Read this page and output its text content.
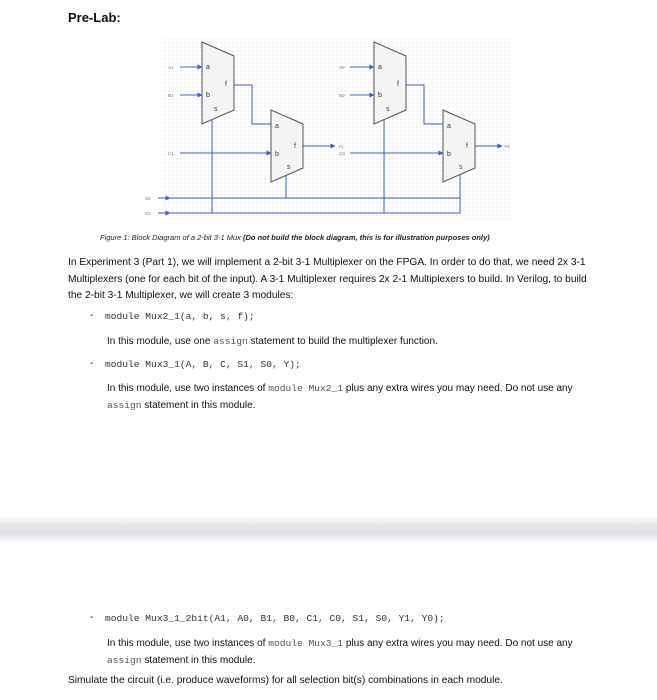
Pre-Lab:
a
b
f
s
a
b
f
s
a
b
f
s
a
b
f
s
A1
B1
C1
A0
B0
C0
S0
S1
Y1	Y0
Figure 1: Block Diagram of a 2-bit 3-1 Mux (Do not build the block diagram, this is for illustration purposes only)
In Experiment 3 (Part 1), we will implement a 2-bit 3-1 Multiplexer on the FPGA. In order to do that, we need 2x 3-1 Multiplexers (one for each bit of the input). A 3-1 Multiplexer requires 2x 2-1 Multiplexers to build. In Verilog, to build the 2-bit 3-1 Multiplexer, we will create 3 modules:
- module Mux2_1(a, b, s, f);
In this module, use one assign statement to build the multiplexer function.
- module Mux3_1(A, B, C, S1, S0, Y);
In this module, use two instances of module Mux2_1 plus any extra wires you may need. Do not use any assign statement in this module.
- module Mux3_1_2bit(A1, A0, B1, B0, C1, C0, S1, S0, Y1, Y0);
In this module, use two instances of module Mux3_1 plus any extra wires you may need. Do not use any assign statement in this module.
Simulate the circuit (i.e. produce waveforms) for all selection bit(s) combinations in each module.
